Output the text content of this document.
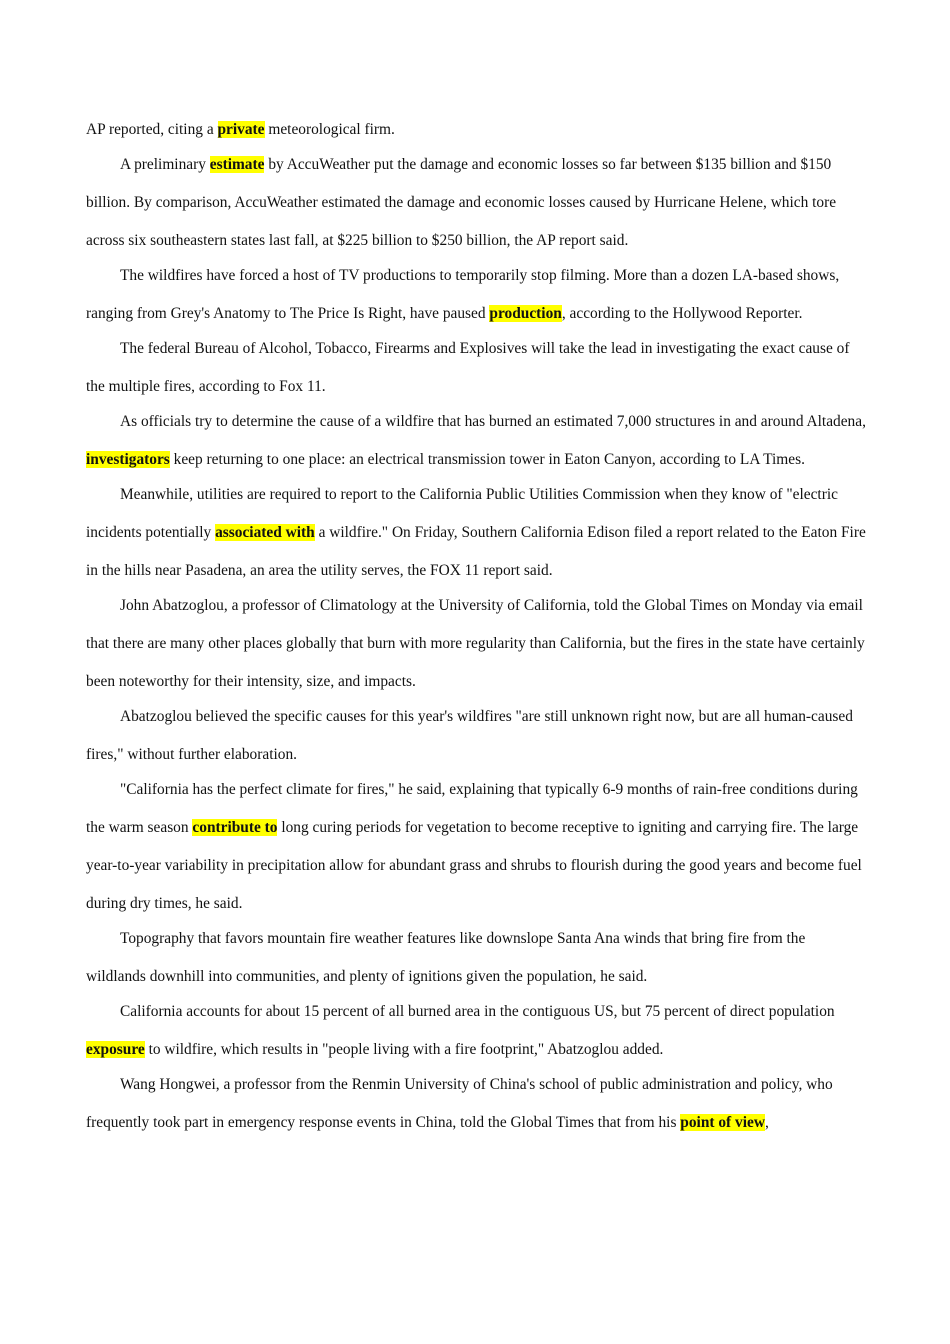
AP reported, citing a private meteorological firm.

A preliminary estimate by AccuWeather put the damage and economic losses so far between $135 billion and $150 billion. By comparison, AccuWeather estimated the damage and economic losses caused by Hurricane Helene, which tore across six southeastern states last fall, at $225 billion to $250 billion, the AP report said.

The wildfires have forced a host of TV productions to temporarily stop filming. More than a dozen LA-based shows, ranging from Grey's Anatomy to The Price Is Right, have paused production, according to the Hollywood Reporter.

The federal Bureau of Alcohol, Tobacco, Firearms and Explosives will take the lead in investigating the exact cause of the multiple fires, according to Fox 11.

As officials try to determine the cause of a wildfire that has burned an estimated 7,000 structures in and around Altadena, investigators keep returning to one place: an electrical transmission tower in Eaton Canyon, according to LA Times.

Meanwhile, utilities are required to report to the California Public Utilities Commission when they know of "electric incidents potentially associated with a wildfire." On Friday, Southern California Edison filed a report related to the Eaton Fire in the hills near Pasadena, an area the utility serves, the FOX 11 report said.

John Abatzoglou, a professor of Climatology at the University of California, told the Global Times on Monday via email that there are many other places globally that burn with more regularity than California, but the fires in the state have certainly been noteworthy for their intensity, size, and impacts.

Abatzoglou believed the specific causes for this year's wildfires "are still unknown right now, but are all human-caused fires," without further elaboration.

"California has the perfect climate for fires," he said, explaining that typically 6-9 months of rain-free conditions during the warm season contribute to long curing periods for vegetation to become receptive to igniting and carrying fire. The large year-to-year variability in precipitation allow for abundant grass and shrubs to flourish during the good years and become fuel during dry times, he said.

Topography that favors mountain fire weather features like downslope Santa Ana winds that bring fire from the wildlands downhill into communities, and plenty of ignitions given the population, he said.

California accounts for about 15 percent of all burned area in the contiguous US, but 75 percent of direct population exposure to wildfire, which results in "people living with a fire footprint," Abatzoglou added.

Wang Hongwei, a professor from the Renmin University of China's school of public administration and policy, who frequently took part in emergency response events in China, told the Global Times that from his point of view,
